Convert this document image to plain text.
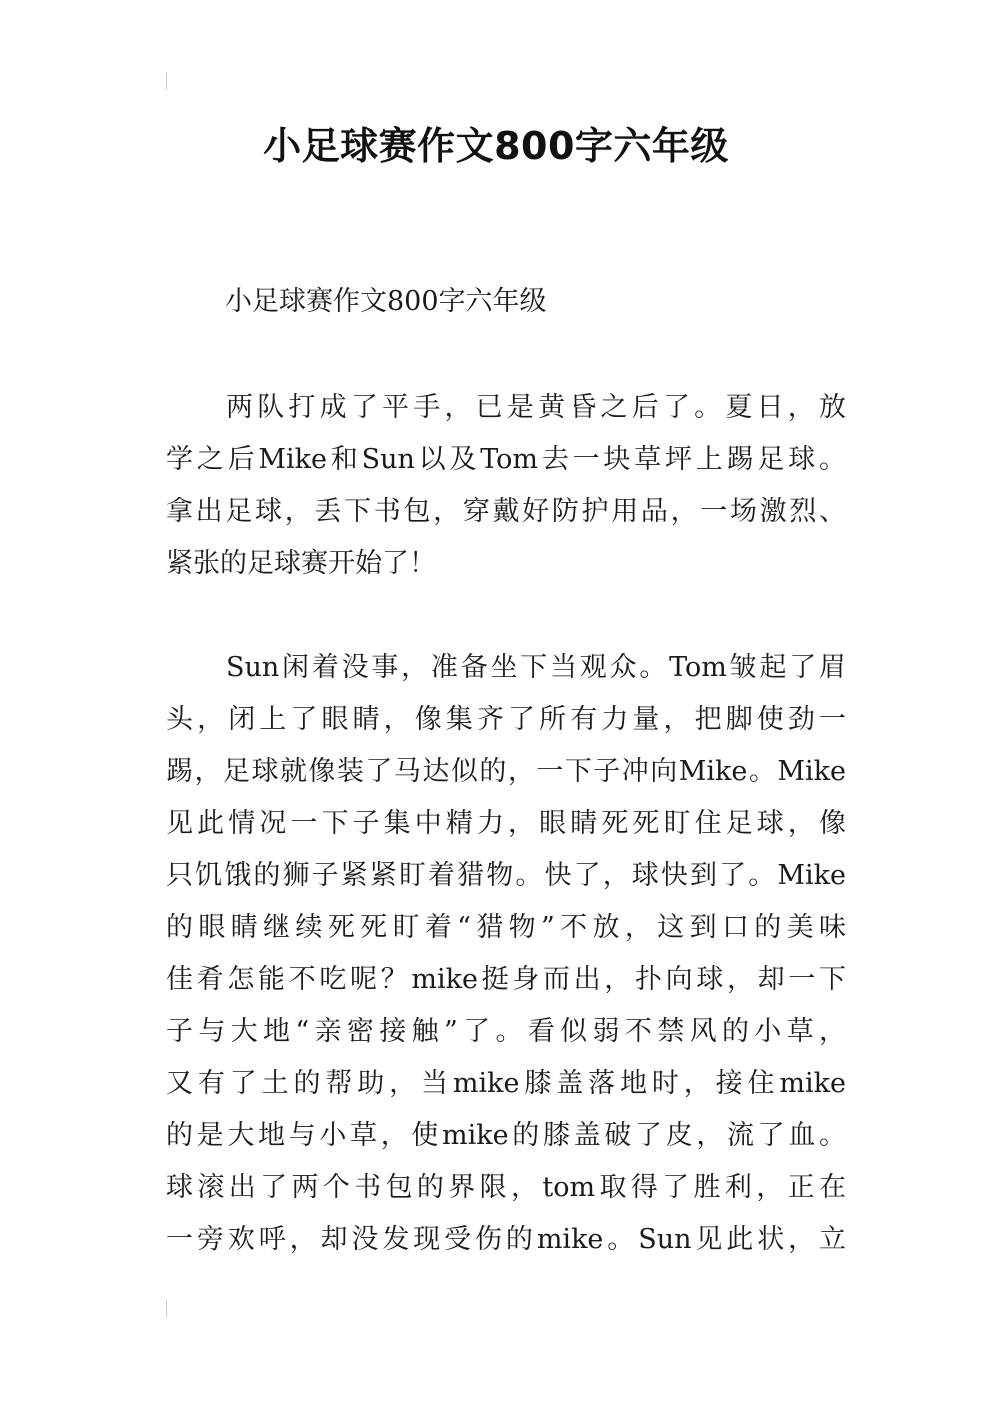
小足球赛作文800字六年级
小足球赛作文800字六年级
两队打成了平手，已是黄昏之后了。夏日，放
学之后Mike和Sun以及Tom去一块草坪上踢足球。
拿出足球，丢下书包，穿戴好防护用品，一场激烈、
紧张的足球赛开始了！
Sun闲着没事，准备坐下当观众。Tom皱起了眉
头，闭上了眼睛，像集齐了所有力量，把脚使劲一
踢，足球就像装了马达似的，一下子冲向Mike。Mike
见此情况一下子集中精力，眼睛死死盯住足球，像
只饥饿的狮子紧紧盯着猎物。快了，球快到了。Mike
的眼睛继续死死盯着“猎物”不放，这到口的美味
佳肴怎能不吃呢？mike挺身而出，扑向球，却一下
子与大地“亲密接触”了。看似弱不禁风的小草，
又有了土的帮助，当mike膝盖落地时，接住mike
的是大地与小草，使mike的膝盖破了皮，流了血。
球滚出了两个书包的界限，tom取得了胜利，正在
一旁欢呼，却没发现受伤的mike。Sun见此状，立
